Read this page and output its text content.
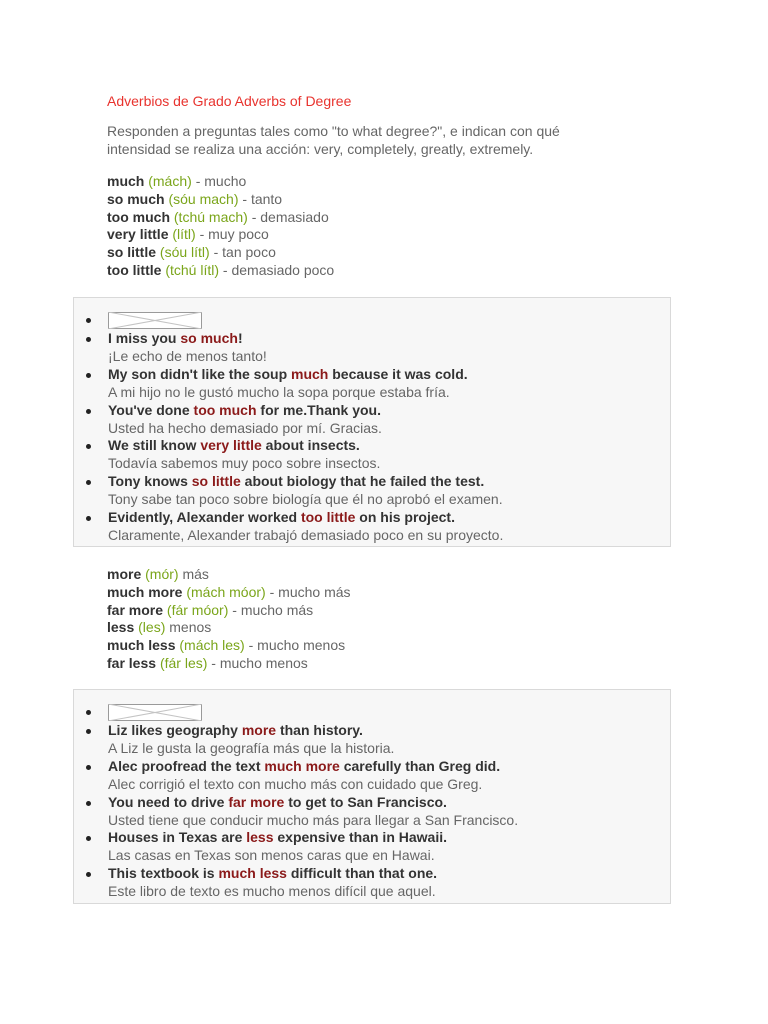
Adverbios de Grado Adverbs of Degree
Responden a preguntas tales como "to what degree?", e indican con qué intensidad se realiza una acción: very, completely, greatly, extremely.
much (mách) - mucho
so much (sóu mach) - tanto
too much (tchú mach) - demasiado
very little (lítl) - muy poco
so little (sóu lítl) - tan poco
too little (tchú lítl) - demasiado poco
I miss you so much!
¡Le echo de menos tanto!
My son didn't like the soup much because it was cold.
A mi hijo no le gustó mucho la sopa porque estaba fría.
You've done too much for me.Thank you.
Usted ha hecho demasiado por mí. Gracias.
We still know very little about insects.
Todavía sabemos muy poco sobre insectos.
Tony knows so little about biology that he failed the test.
Tony sabe tan poco sobre biología que él no aprobó el examen.
Evidently, Alexander worked too little on his project.
Claramente, Alexander trabajó demasiado poco en su proyecto.
more (mór) más
much more (mách móor) - mucho más
far more (fár móor) - mucho más
less (les) menos
much less (mách les) - mucho menos
far less (fár les) - mucho menos
Liz likes geography more than history.
A Liz le gusta la geografía más que la historia.
Alec proofread the text much more carefully than Greg did.
Alec corrigió el texto con mucho más con cuidado que Greg.
You need to drive far more to get to San Francisco.
Usted tiene que conducir mucho más para llegar a San Francisco.
Houses in Texas are less expensive than in Hawaii.
Las casas en Texas son menos caras que en Hawai.
This textbook is much less difficult than that one.
Este libro de texto es mucho menos difícil que aquel.
